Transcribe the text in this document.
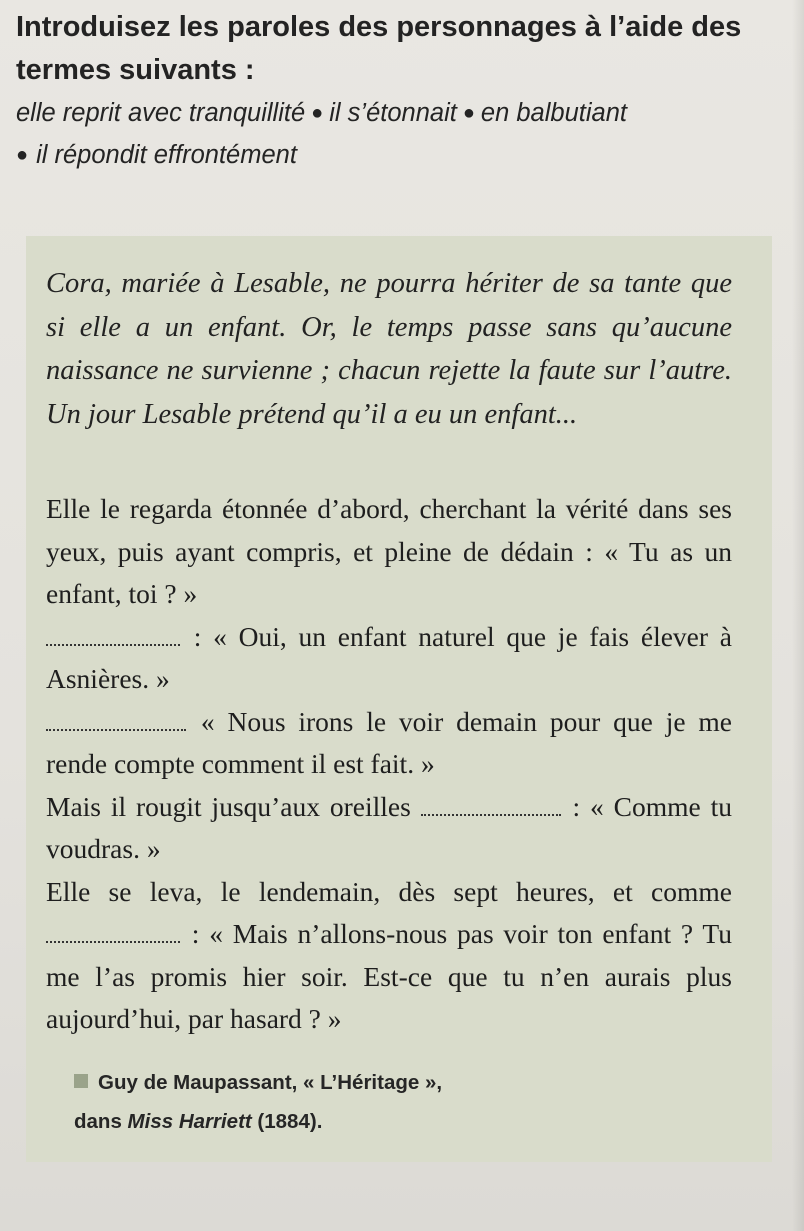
Introduisez les paroles des personnages à l’aide des termes suivants :
elle reprit avec tranquillité ● il s’étonnait ● en balbutiant
● il répondit effrontément
Cora, mariée à Lesable, ne pourra hériter de sa tante que si elle a un enfant. Or, le temps passe sans qu’aucune naissance ne survienne ; chacun rejette la faute sur l’autre. Un jour Lesable prétend qu’il a eu un enfant...

Elle le regarda étonnée d’abord, cherchant la vérité dans ses yeux, puis ayant compris, et pleine de dédain : « Tu as un enfant, toi ? »

: « Oui, un enfant naturel que je fais élever à Asnières. »

« Nous irons le voir demain pour que je me rende compte comment il est fait. »

Mais il rougit jusqu’aux oreilles	: « Comme tu voudras. »

Elle se leva, le lendemain, dès sept heures, et comme  : « Mais n’allons-nous pas voir ton enfant ? Tu me l’as promis hier soir. Est-ce que tu n’en aurais plus aujourd’hui, par hasard ? »

Guy de Maupassant, « L’Héritage »,
dans Miss Harriett (1884).
